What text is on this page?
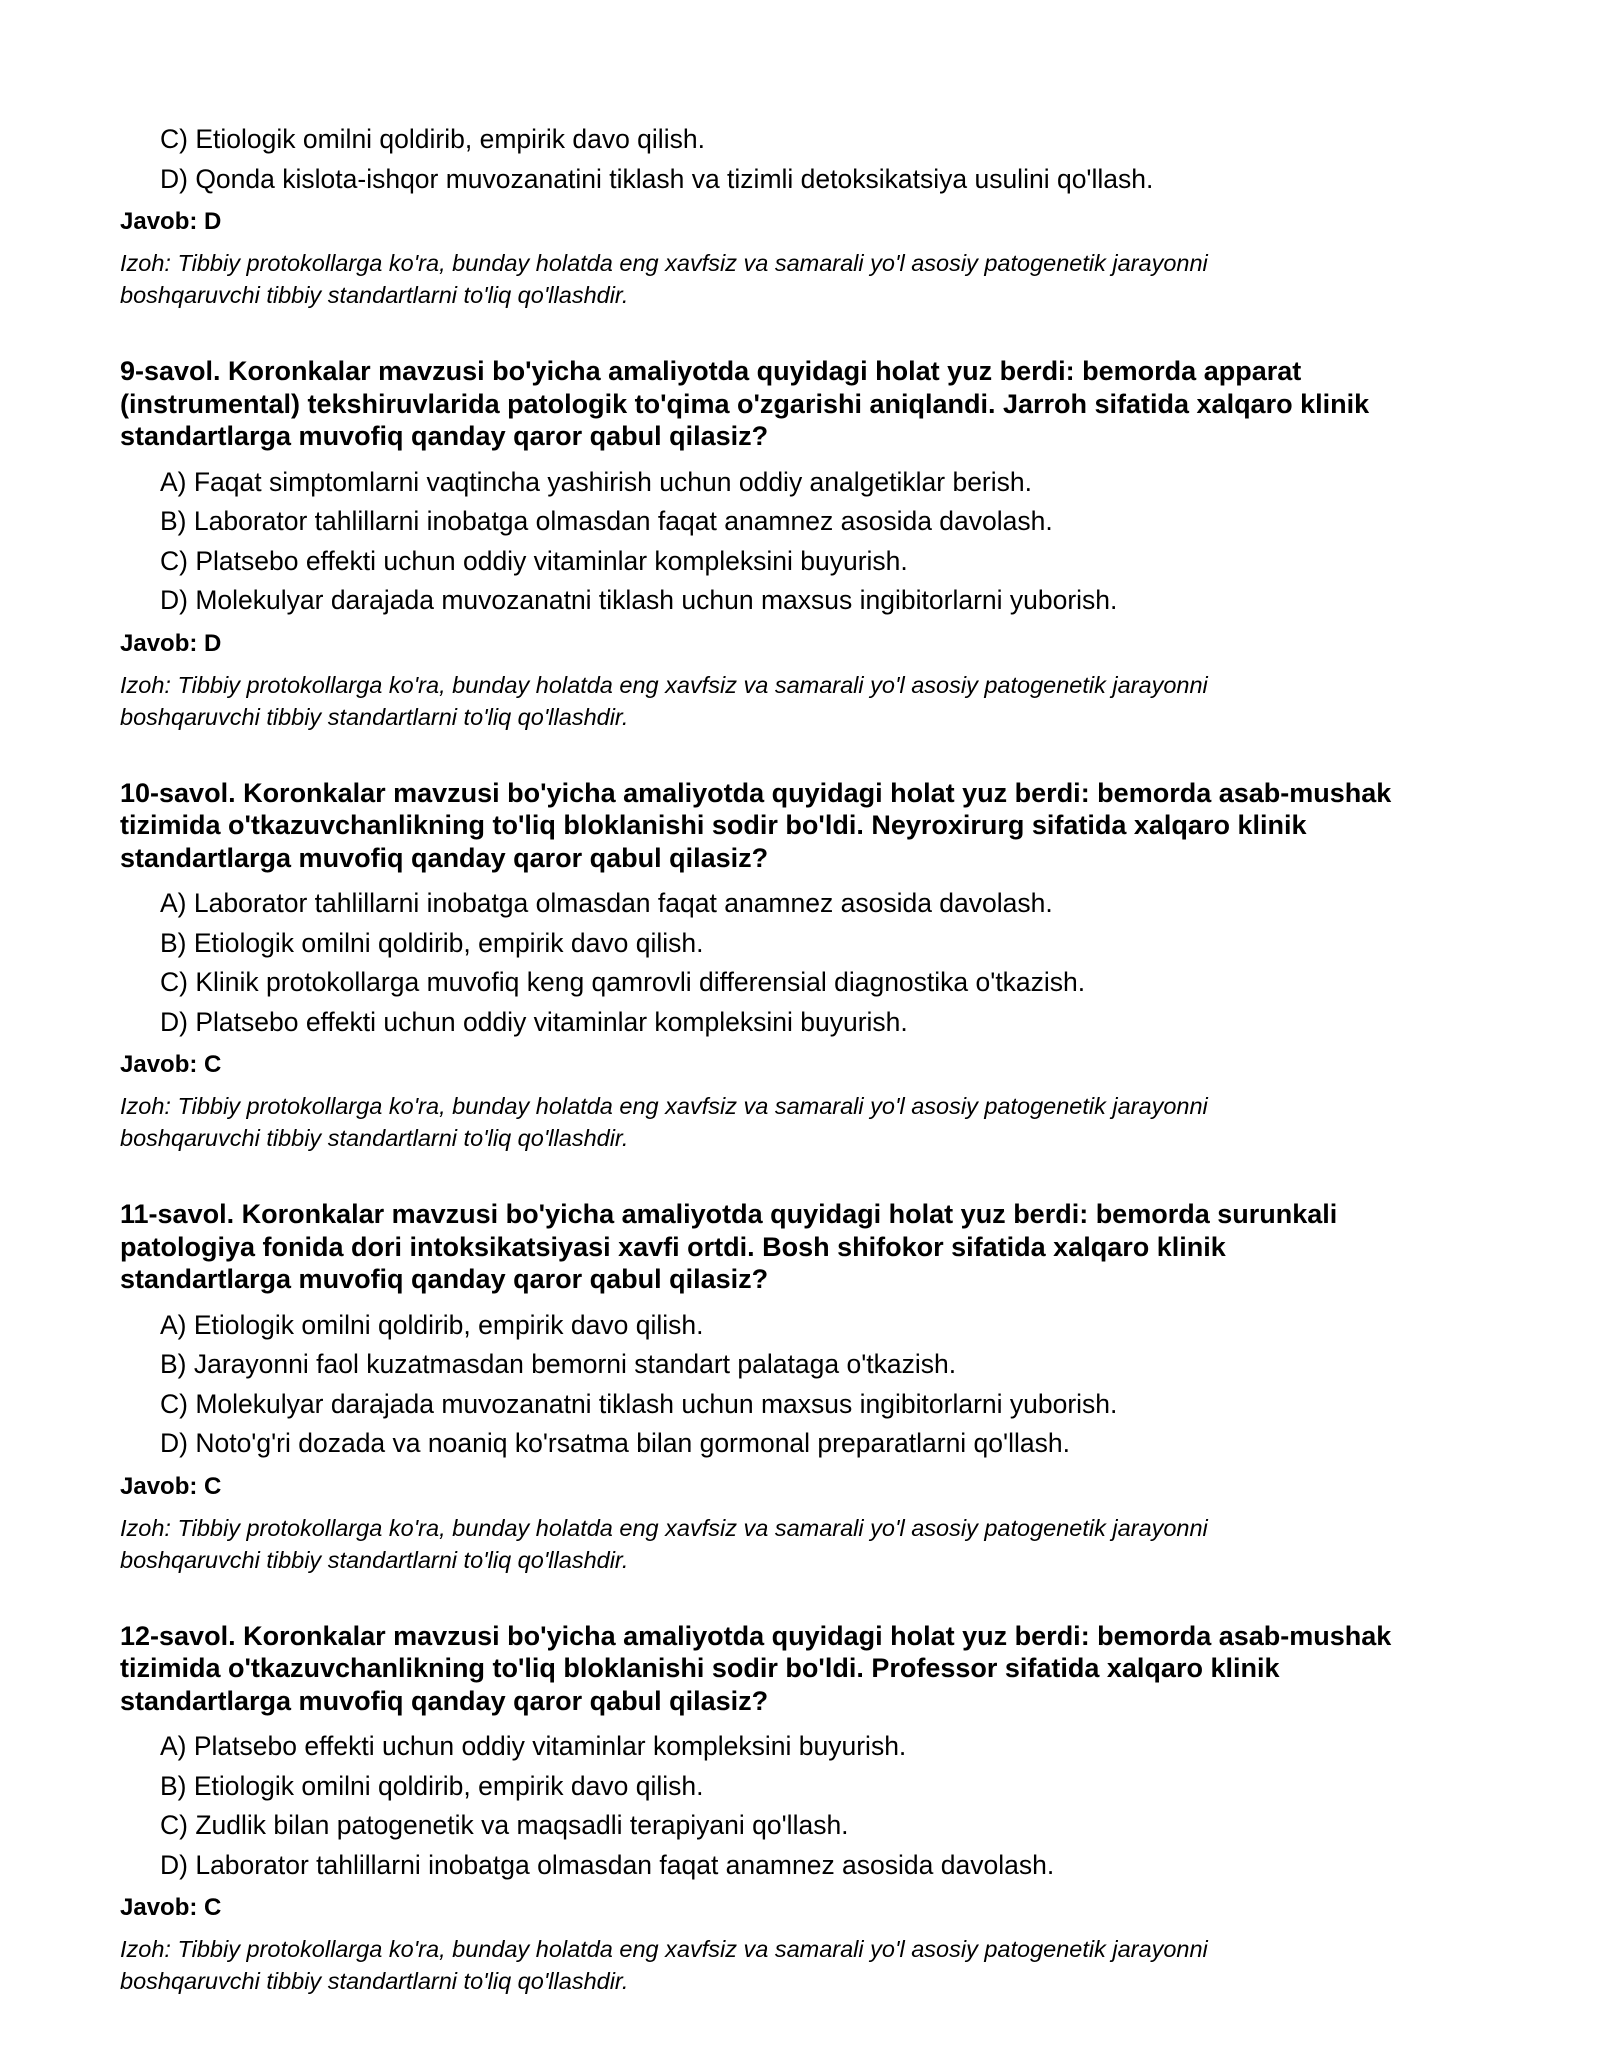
C) Etiologik omilni qoldirib, empirik davo qilish.
D) Qonda kislota-ishqor muvozanatini tiklash va tizimli detoksikatsiya usulini qo'llash.
Javob: D
Izoh: Tibbiy protokollarga ko'ra, bunday holatda eng xavfsiz va samarali yo'l asosiy patogenetik jarayonni
boshqaruvchi tibbiy standartlarni to'liq qo'llashdir.
9-savol. Koronkalar mavzusi bo'yicha amaliyotda quyidagi holat yuz berdi: bemorda apparat
(instrumental) tekshiruvlarida patologik to'qima o'zgarishi aniqlandi. Jarroh sifatida xalqaro klinik
standartlarga muvofiq qanday qaror qabul qilasiz?
A) Faqat simptomlarni vaqtincha yashirish uchun oddiy analgetiklar berish.
B) Laborator tahlillarni inobatga olmasdan faqat anamnez asosida davolash.
C) Platsebo effekti uchun oddiy vitaminlar kompleksini buyurish.
D) Molekulyar darajada muvozanatni tiklash uchun maxsus ingibitorlarni yuborish.
Javob: D
Izoh: Tibbiy protokollarga ko'ra, bunday holatda eng xavfsiz va samarali yo'l asosiy patogenetik jarayonni
boshqaruvchi tibbiy standartlarni to'liq qo'llashdir.
10-savol. Koronkalar mavzusi bo'yicha amaliyotda quyidagi holat yuz berdi: bemorda asab-mushak
tizimida o'tkazuvchanlikning to'liq bloklanishi sodir bo'ldi. Neyroxirurg sifatida xalqaro klinik
standartlarga muvofiq qanday qaror qabul qilasiz?
A) Laborator tahlillarni inobatga olmasdan faqat anamnez asosida davolash.
B) Etiologik omilni qoldirib, empirik davo qilish.
C) Klinik protokollarga muvofiq keng qamrovli differensial diagnostika o'tkazish.
D) Platsebo effekti uchun oddiy vitaminlar kompleksini buyurish.
Javob: C
Izoh: Tibbiy protokollarga ko'ra, bunday holatda eng xavfsiz va samarali yo'l asosiy patogenetik jarayonni
boshqaruvchi tibbiy standartlarni to'liq qo'llashdir.
11-savol. Koronkalar mavzusi bo'yicha amaliyotda quyidagi holat yuz berdi: bemorda surunkali
patologiya fonida dori intoksikatsiyasi xavfi ortdi. Bosh shifokor sifatida xalqaro klinik
standartlarga muvofiq qanday qaror qabul qilasiz?
A) Etiologik omilni qoldirib, empirik davo qilish.
B) Jarayonni faol kuzatmasdan bemorni standart palataga o'tkazish.
C) Molekulyar darajada muvozanatni tiklash uchun maxsus ingibitorlarni yuborish.
D) Noto'g'ri dozada va noaniq ko'rsatma bilan gormonal preparatlarni qo'llash.
Javob: C
Izoh: Tibbiy protokollarga ko'ra, bunday holatda eng xavfsiz va samarali yo'l asosiy patogenetik jarayonni
boshqaruvchi tibbiy standartlarni to'liq qo'llashdir.
12-savol. Koronkalar mavzusi bo'yicha amaliyotda quyidagi holat yuz berdi: bemorda asab-mushak
tizimida o'tkazuvchanlikning to'liq bloklanishi sodir bo'ldi. Professor sifatida xalqaro klinik
standartlarga muvofiq qanday qaror qabul qilasiz?
A) Platsebo effekti uchun oddiy vitaminlar kompleksini buyurish.
B) Etiologik omilni qoldirib, empirik davo qilish.
C) Zudlik bilan patogenetik va maqsadli terapiyani qo'llash.
D) Laborator tahlillarni inobatga olmasdan faqat anamnez asosida davolash.
Javob: C
Izoh: Tibbiy protokollarga ko'ra, bunday holatda eng xavfsiz va samarali yo'l asosiy patogenetik jarayonni
boshqaruvchi tibbiy standartlarni to'liq qo'llashdir.
